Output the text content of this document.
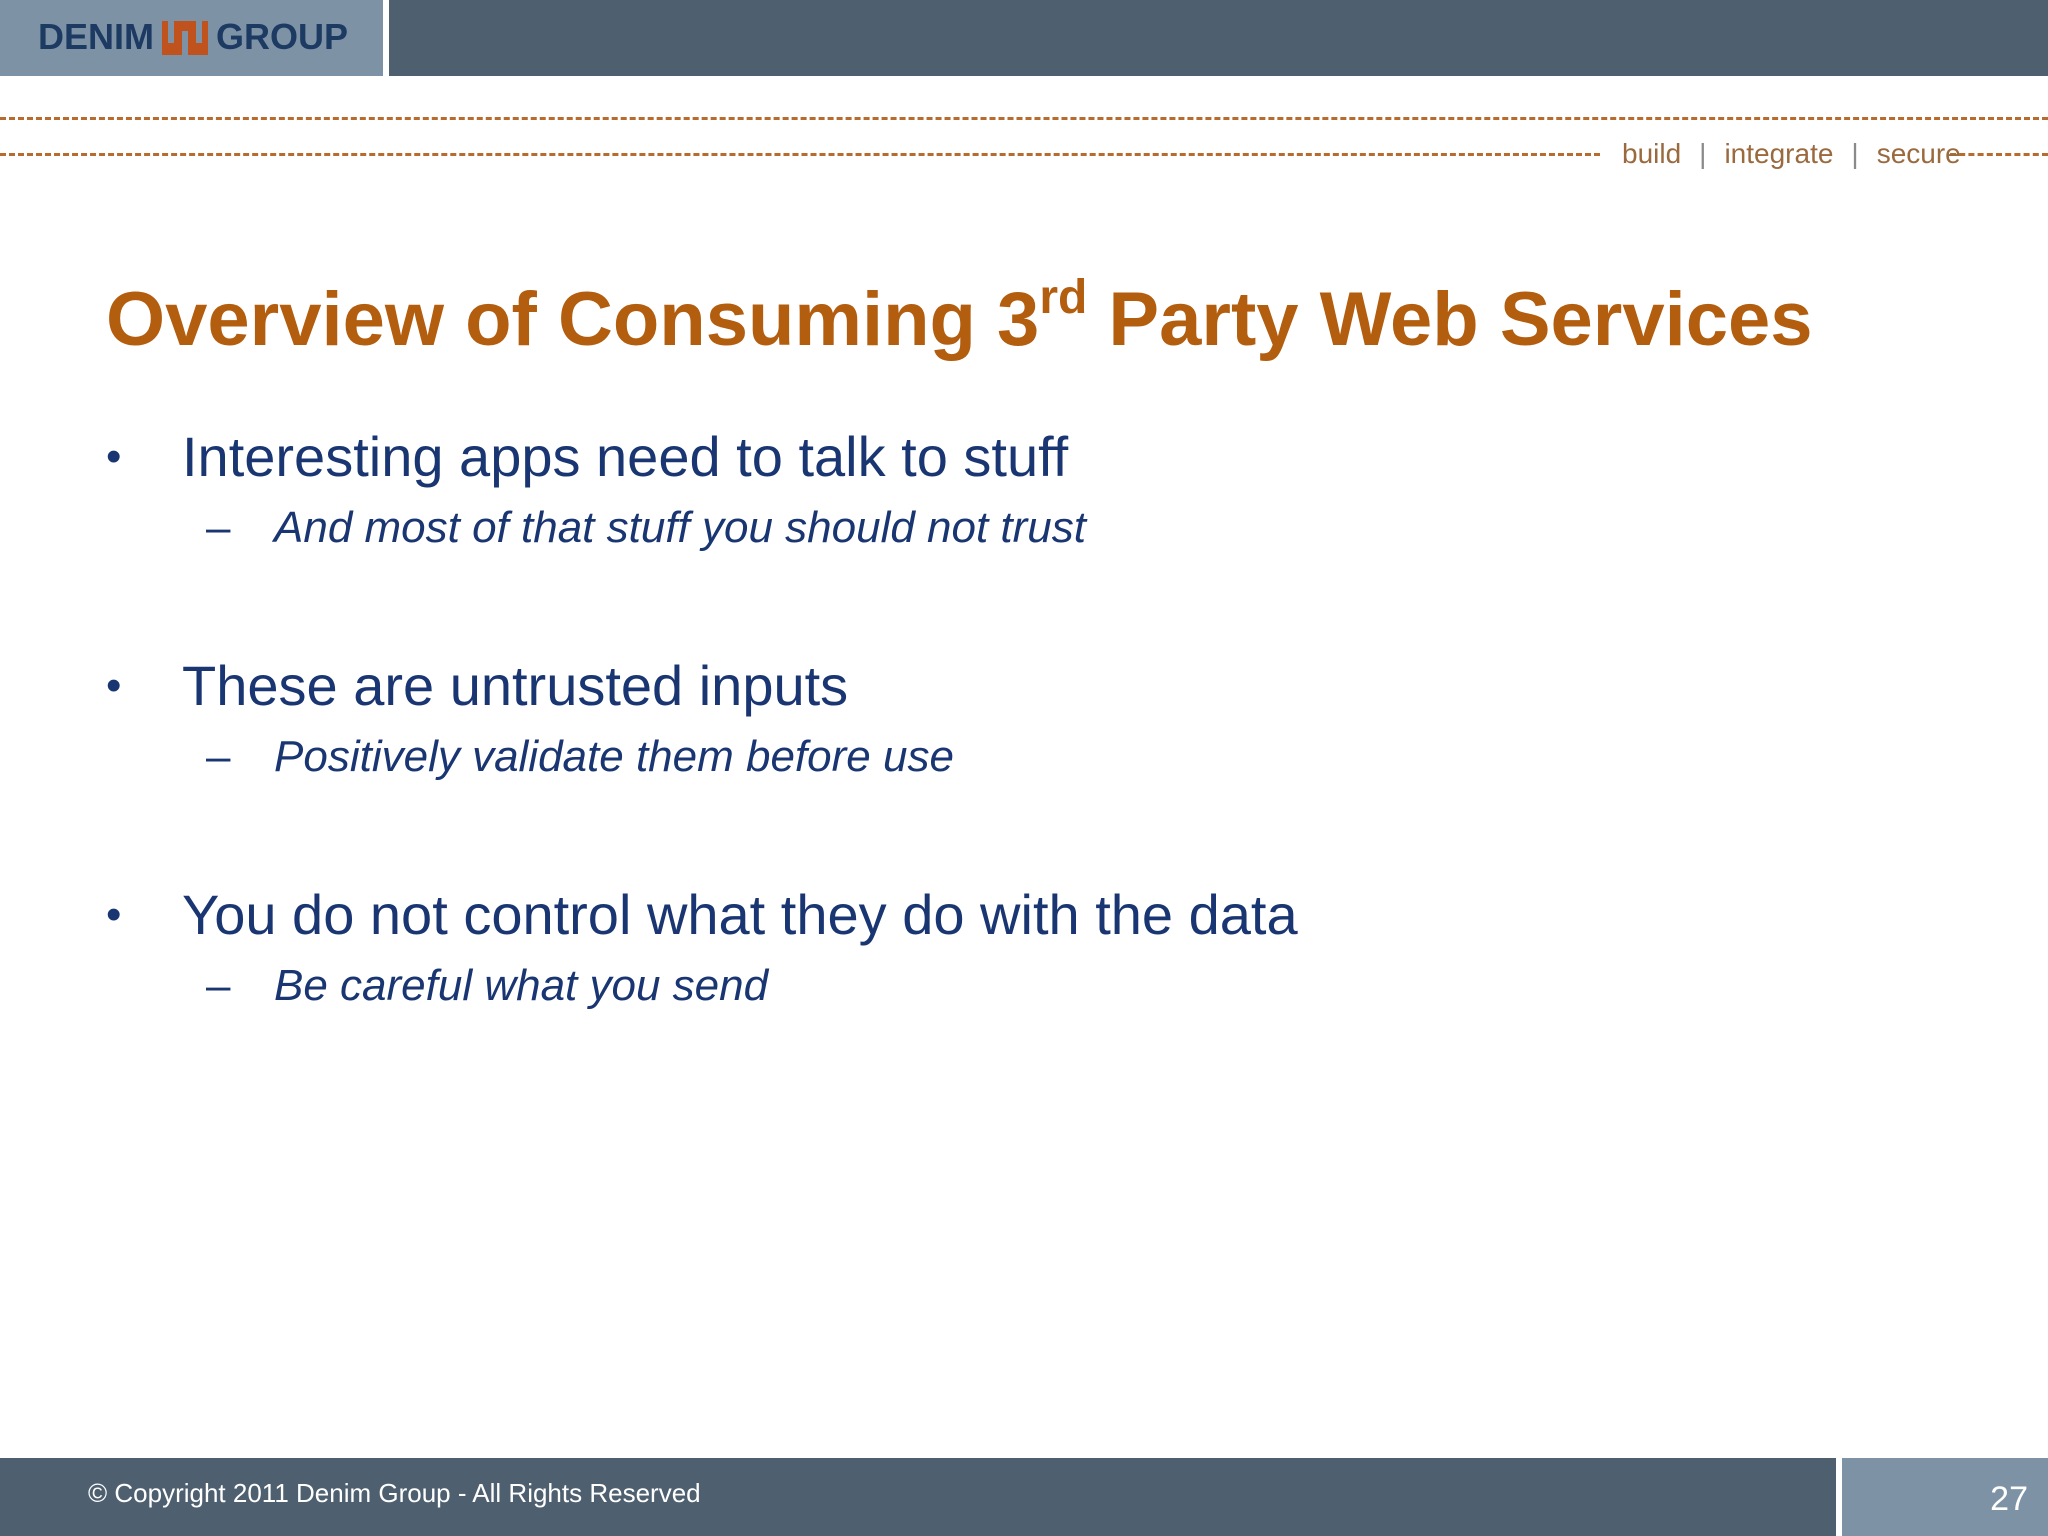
DENIM GROUP
build | integrate | secure
Overview of Consuming 3rd Party Web Services
•	Interesting apps need to talk to stuff
– And most of that stuff you should not trust
•	These are untrusted inputs
– Positively validate them before use
•	You do not control what they do with the data
– Be careful what you send
© Copyright 2011 Denim Group - All Rights Reserved	27
